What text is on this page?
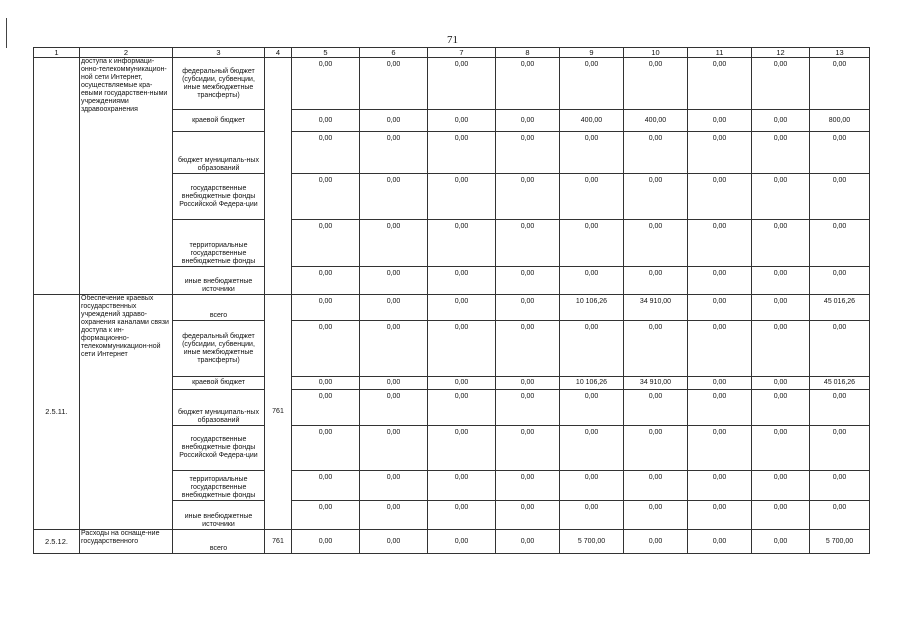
71
1	2	3	4	5	6	7	8	9	10	11	12	13
	доступа к информаци-онно-телекоммуникацион-ной сети Интернет, осуществляемые кра-евыми государствен-ными учреждениями здравоохранения	федеральный бюджет (субсидии, субвенции, иные межбюджетные трансферты)		0,00	0,00	0,00	0,00	0,00	0,00	0,00	0,00	0,00
		краевой бюджет		0,00	0,00	0,00	0,00	400,00	400,00	0,00	0,00	800,00
		бюджет муниципаль-ных образований		0,00	0,00	0,00	0,00	0,00	0,00	0,00	0,00	0,00
		государственные внебюджетные фонды Российской Федера-ции		0,00	0,00	0,00	0,00	0,00	0,00	0,00	0,00	0,00
		территориальные государственные внебюджетные фонды		0,00	0,00	0,00	0,00	0,00	0,00	0,00	0,00	0,00
		иные внебюджетные источники		0,00	0,00	0,00	0,00	0,00	0,00	0,00	0,00	0,00
2.5.11.	Обеспечение краевых государственных учреждений здраво-охранения каналами связи доступа к ин-формационно-телекоммуникацион-ной сети Интернет	всего	761	0,00	0,00	0,00	0,00	10 106,26	34 910,00	0,00	0,00	45 016,26
		федеральный бюджет (субсидии, субвенции, иные межбюджетные трансферты)		0,00	0,00	0,00	0,00	0,00	0,00	0,00	0,00	0,00
		краевой бюджет		0,00	0,00	0,00	0,00	10 106,26	34 910,00	0,00	0,00	45 016,26
		бюджет муниципаль-ных образований		0,00	0,00	0,00	0,00	0,00	0,00	0,00	0,00	0,00
		государственные внебюджетные фонды Российской Федера-ции		0,00	0,00	0,00	0,00	0,00	0,00	0,00	0,00	0,00
		территориальные государственные внебюджетные фонды		0,00	0,00	0,00	0,00	0,00	0,00	0,00	0,00	0,00
		иные внебюджетные источники		0,00	0,00	0,00	0,00	0,00	0,00	0,00	0,00	0,00
2.5.12.	Расходы на оснаще-ние государственного	всего	761	0,00	0,00	0,00	0,00	5 700,00	0,00	0,00	0,00	5 700,00
